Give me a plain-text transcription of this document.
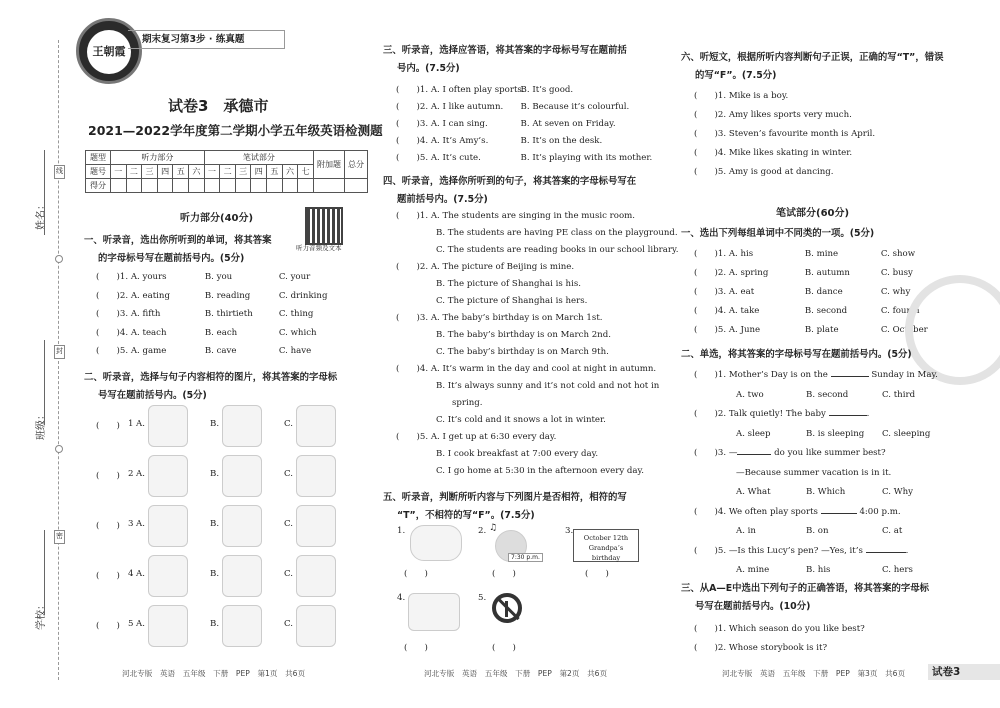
线
封
密
姓名：
班级：
学校：
王朝霞
期末复习第3步 · 练真题
试卷3　承德市
2021—2022学年度第二学期小学五年级英语检测题
题型	听力部分						笔试部分							附加题	总分
题号	一	二	三	四	五	六	一	二	三	四	五	六	七		
得分															
听力部分(40分)
听力音频及文本
一、听录音，选出你所听到的单词，将其答案
的字母标号写在题前括号内。(5分)
(　　)1. A. yours	B. you	C. your
(　　)2. A. eating	B. reading	C. drinking
(　　)3. A. fifth	B. thirtieth	C. thing
(　　)4. A. teach	B. each	C. which
(　　)5. A. game	B. cave	C. have
二、听录音，选择与句子内容相符的图片，将其答案的字母标
号写在题前括号内。(5分)
(　　) 1 A.	B.	C.
(　　) 2 A.	B.	C.
(　　) 3 A.	B.	C.
(　　) 4 A.	B.	C.
(　　) 5 A.	B.	C.
河北专版　英语　五年级　下册　PEP　第1页　共6页
三、听录音，选择应答语，将其答案的字母标号写在题前括
号内。(7.5分)
(　　)1. A. I often play sports.B. It’s good.
(　　)2. A. I like autumn. B. Because it’s colourful.
(　　)3. A. I can sing.	B. At seven on Friday.
(　　)4. A. It’s Amy’s.	B. It’s on the desk.
(　　)5. A. It’s cute.	B. It’s playing with its mother.
四、听录音，选择你所听到的句子，将其答案的字母标号写在
题前括号内。(7.5分)
(　　)1. A. The students are singing in the music room.
B. The students are having PE class on the playground.
C. The students are reading books in our school library.
(　　)2. A. The picture of Beijing is mine.
B. The picture of Shanghai is his.
C. The picture of Shanghai is hers.
(　　)3. A. The baby’s birthday is on March 1st.
B. The baby’s birthday is on March 2nd.
C. The baby’s birthday is on March 9th.
(　　)4. A. It’s warm in the day and cool at night in autumn.
B. It’s always sunny and it’s not cold and not hot in
spring.
C. It’s cold and it snows a lot in winter.
(　　)5. A. I get up at 6:30 every day.
B. I cook breakfast at 7:00 every day.
C. I go home at 5:30 in the afternoon every day.
五、听录音，判断所听内容与下列图片是否相符，相符的写
“T”，不相符的写“F”。(7.5分)
1.
(　　)
2. ♫
7:30 p.m.
(　　)
3.
October 12th
Grandpa’s birthday
(　　)
4.
(　　)
5.
(　　)
河北专版　英语　五年级　下册　PEP　第2页　共6页
六、听短文，根据所听内容判断句子正误，正确的写“T”，错误
的写“F”。(7.5分)
(　　)1. Mike is a boy.
(　　)2. Amy likes sports very much.
(　　)3. Steven’s favourite month is April.
(　　)4. Mike likes skating in winter.
(　　)5. Amy is good at dancing.
笔试部分(60分)
一、选出下列每组单词中不同类的一项。(5分)
(　　)1. A. his	B. mine	C. show
(　　)2. A. spring	B. autumn	C. busy
(　　)3. A. eat	B. dance	C. why
(　　)4. A. take	B. second	C. fourth
(　　)5. A. June	B. plate	C. October
二、单选，将其答案的字母标号写在题前括号内。(5分)
(　　)1. Mother’s Day is on the	Sunday in May.
A. two	B. second	C. third
(　　)2. Talk quietly! The baby	.
A. sleep	B. is sleeping C. sleeping
(　　)3. —	do you like summer best?
—Because summer vacation is in it.
A. What	B. Which	C. Why
(　　)4. We often play sports	4:00 p.m.
A. in	B. on	C. at
(　　)5. —Is this Lucy’s pen? —Yes, it’s	.
A. mine	B. his	C. hers
三、从A—E中选出下列句子的正确答语，将其答案的字母标
号写在题前括号内。(10分)
(　　)1. Which season do you like best?
(　　)2. Whose storybook is it?
河北专版　英语　五年级　下册　PEP　第3页　共6页	试卷3
